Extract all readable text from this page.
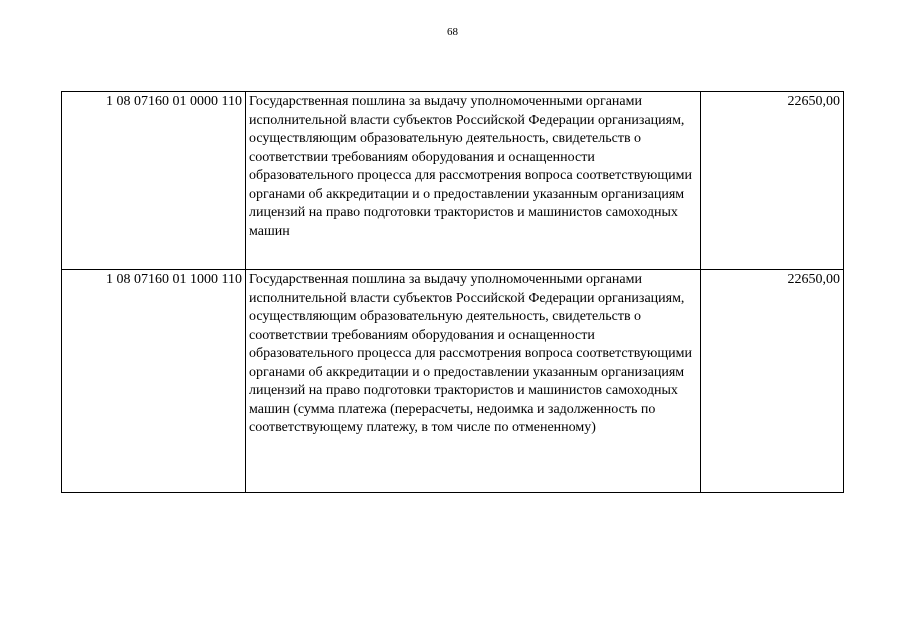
68
1 08 07160 01 0000 110	Государственная пошлина за выдачу уполномоченными органами исполнительной власти субъектов Российской Федерации организациям, осуществляющим образовательную деятельность, свидетельств о соответствии требованиям оборудования и оснащенности образовательного процесса для рассмотрения вопроса соответствующими органами об аккредитации и о предоставлении указанным организациям лицензий на право подготовки трактористов и машинистов самоходных машин	22650,00
1 08 07160 01 1000 110	Государственная пошлина за выдачу уполномоченными органами исполнительной власти субъектов Российской Федерации организациям, осуществляющим образовательную деятельность, свидетельств о соответствии требованиям оборудования и оснащенности образовательного процесса для рассмотрения вопроса соответствующими органами об аккредитации и о предоставлении указанным организациям лицензий на право подготовки трактористов и машинистов самоходных машин (сумма платежа (перерасчеты, недоимка и задолженность по соответствующему платежу, в том числе по отмененному)	22650,00
